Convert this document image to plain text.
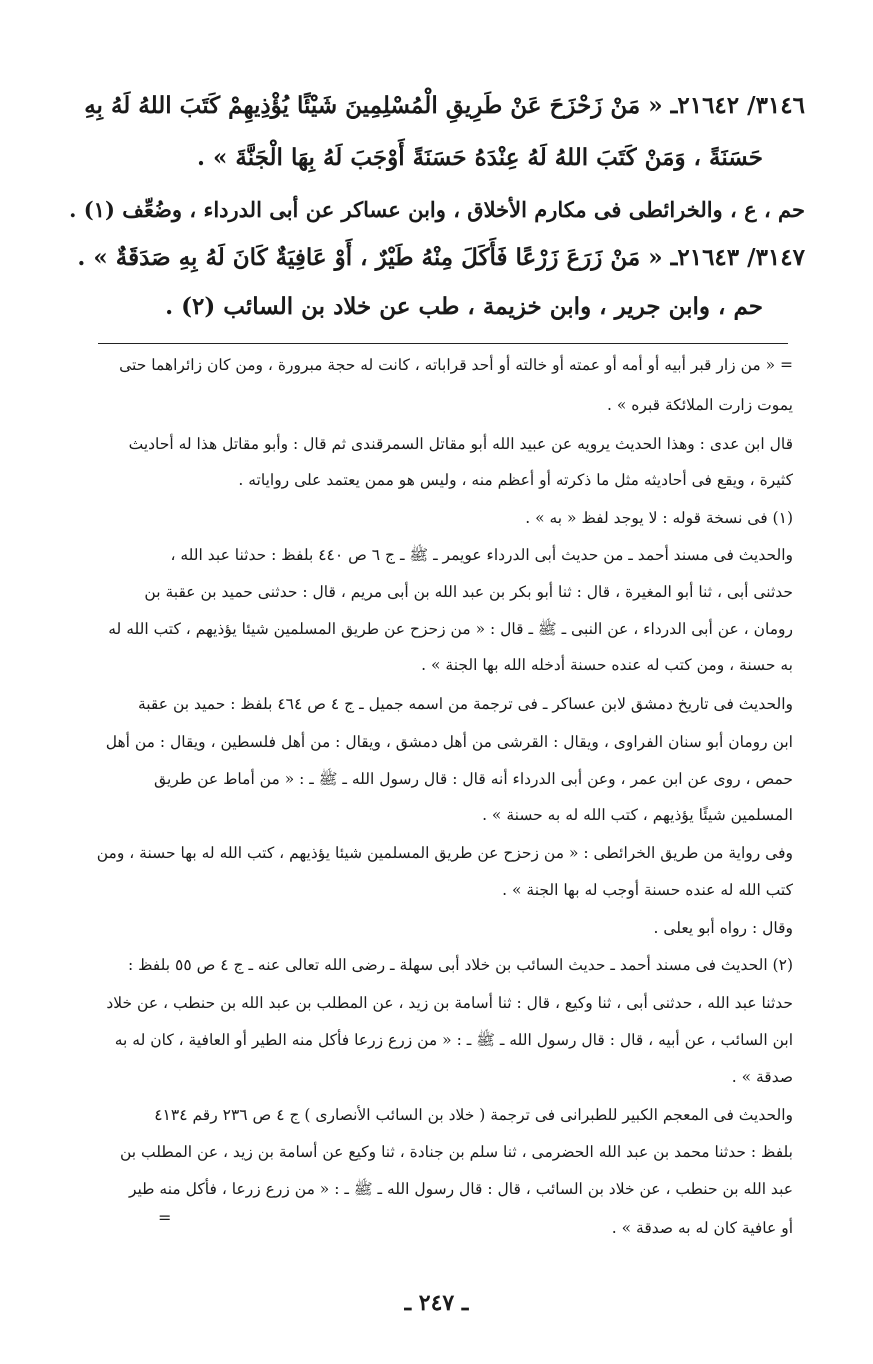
٣١٤٦/ ٢١٦٤٢ـ « مَنْ زَحْزَحَ عَنْ طَرِيقِ الْمُسْلِمِينَ شَيْئًا يُؤْذِيهِمْ كَتَبَ اللهُ لَهُ بِهِ
حَسَنَةً ، وَمَنْ كَتَبَ اللهُ لَهُ عِنْدَهُ حَسَنَةً أَوْجَبَ لَهُ بِهَا الْجَنَّةَ » .
حم ، ع ، والخرائطى فى مكارم الأخلاق ، وابن عساكر عن أبى الدرداء ، وضُعِّف (١) .
٣١٤٧/ ٢١٦٤٣ـ « مَنْ زَرَعَ زَرْعًا فَأَكَلَ مِنْهُ طَيْرٌ ، أَوْ عَافِيَةٌ كَانَ لَهُ بِهِ صَدَقَةٌ » .
حم ، وابن جرير ، وابن خزيمة ، طب عن خلاد بن السائب (٢) .
= « من زار قبر أبيه أو أمه أو عمته أو خالته أو أحد قراباته ، كانت له حجة مبرورة ، ومن كان زائراهما حتى
يموت زارت الملائكة قبره » .
قال ابن عدى : وهذا الحديث يرويه عن عبيد الله أبو مقاتل السمرقندى ثم قال : وأبو مقاتل هذا له أحاديث
كثيرة ، ويقع فى أحاديثه مثل ما ذكرته أو أعظم منه ، وليس هو ممن يعتمد على رواياته .
(١) فى نسخة قوله : لا يوجد لفظ « به » .
والحديث فى مسند أحمد ـ من حديث أبى الدرداء عويمر ـ ﷺ ـ ج ٦ ص ٤٤٠ بلفظ : حدثنا عبد الله ،
حدثنى أبى ، ثنا أبو المغيرة ، قال : ثنا أبو بكر بن عبد الله بن أبى مريم ، قال : حدثنى حميد بن عقبة بن
رومان ، عن أبى الدرداء ، عن النبى ـ ﷺ ـ قال : « من زحزح عن طريق المسلمين شيئا يؤذيهم ، كتب الله له
به حسنة ، ومن كتب له عنده حسنة أدخله الله بها الجنة » .
والحديث فى تاريخ دمشق لابن عساكر ـ فى ترجمة من اسمه جميل ـ ج ٤ ص ٤٦٤ بلفظ : حميد بن عقبة
ابن رومان أبو سنان الفراوى ، ويقال : القرشى من أهل دمشق ، ويقال : من أهل فلسطين ، ويقال : من أهل
حمص ، روى عن ابن عمر ، وعن أبى الدرداء أنه قال : قال رسول الله ـ ﷺ ـ : « من أماط عن طريق
المسلمين شيئًا يؤذيهم ، كتب الله له به حسنة » .
وفى رواية من طريق الخرائطى : « من زحزح عن طريق المسلمين شيئا يؤذيهم ، كتب الله له بها حسنة ، ومن
كتب الله له عنده حسنة أوجب له بها الجنة » .
وقال : رواه أبو يعلى .
(٢) الحديث فى مسند أحمد ـ حديث السائب بن خلاد أبى سهلة ـ رضى الله تعالى عنه ـ ج ٤ ص ٥٥ بلفظ :
حدثنا عبد الله ، حدثنى أبى ، ثنا وكيع ، قال : ثنا أسامة بن زيد ، عن المطلب بن عبد الله بن حنطب ، عن خلاد
ابن السائب ، عن أبيه ، قال : قال رسول الله ـ ﷺ ـ : « من زرع زرعا فأكل منه الطير أو العافية ، كان له به
صدقة » .
والحديث فى المعجم الكبير للطبرانى فى ترجمة ( خلاد بن السائب الأنصارى ) ج ٤ ص ٢٣٦ رقم ٤١٣٤
بلفظ : حدثنا محمد بن عبد الله الحضرمى ، ثنا سلم بن جنادة ، ثنا وكيع عن أسامة بن زيد ، عن المطلب بن
عبد الله بن حنطب ، عن خلاد بن السائب ، قال : قال رسول الله ـ ﷺ ـ : « من زرع زرعا ، فأكل منه طير
أو عافية كان له به صدقة » .
=
ـ ٢٤٧ ـ
